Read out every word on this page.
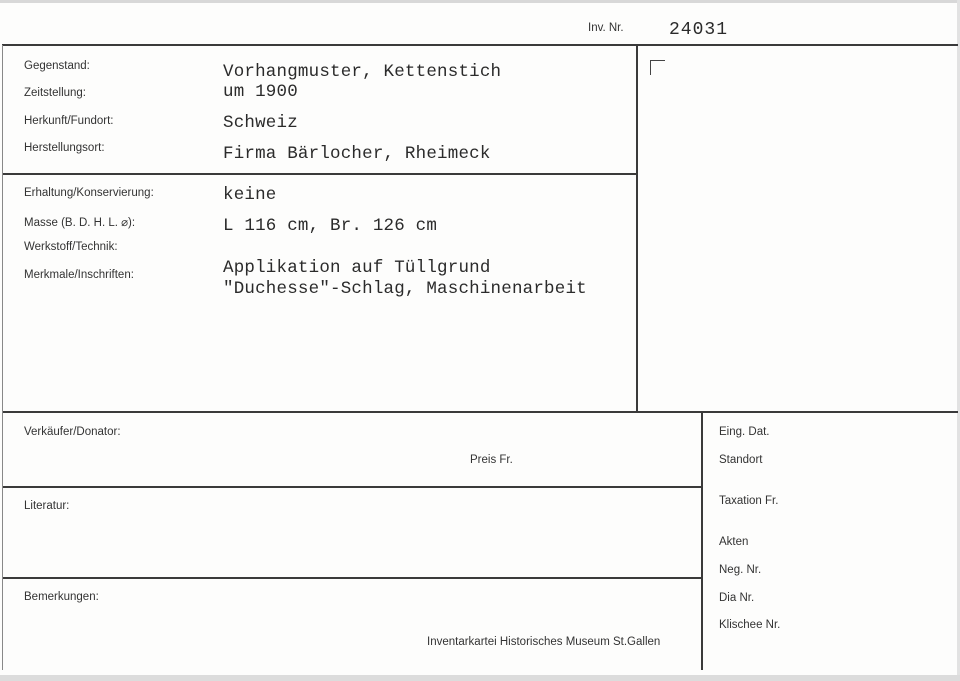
Inv. Nr.	24031
Gegenstand:	Vorhangmuster, Kettenstich
Zeitstellung:	um 1900
Herkunft/Fundort:	Schweiz
Herstellungsort:	Firma Bärlocher, Rheimeck
Erhaltung/Konservierung:	keine
Masse (B. D. H. L. ⌀):	L 116 cm, Br. 126 cm
Werkstoff/Technik:
Merkmale/Inschriften:	Applikation auf Tüllgrund
"Duchesse"-Schlag, Maschinenarbeit
Verkäufer/Donator:
Preis Fr.
Literatur:
Bemerkungen:
Inventarkartei Historisches Museum St.Gallen
Eing. Dat.
Standort
Taxation Fr.
Akten
Neg. Nr.
Dia Nr.
Klischee Nr.
